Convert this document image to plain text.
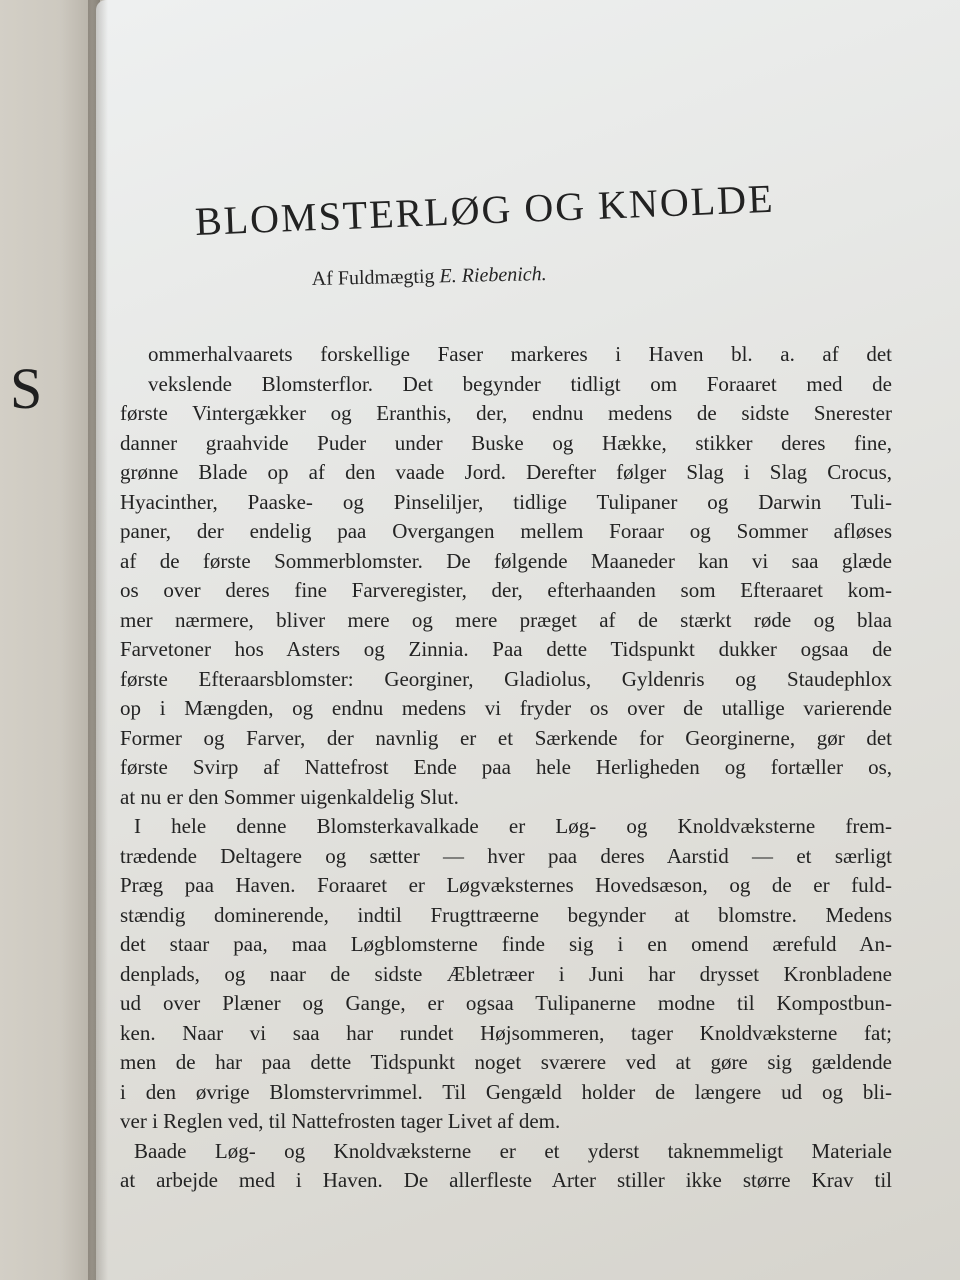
BLOMSTERLØG OG KNOLDE
Af Fuldmægtig E. Riebenich.
S
ommerhalvaarets forskellige Faser markeres i Haven bl. a. af det
vekslende Blomsterflor. Det begynder tidligt om Foraaret med de
første Vintergækker og Eranthis, der, endnu medens de sidste Snerester
danner graahvide Puder under Buske og Hække, stikker deres fine,
grønne Blade op af den vaade Jord. Derefter følger Slag i Slag Crocus,
Hyacinther, Paaske- og Pinseliljer, tidlige Tulipaner og Darwin Tuli-
paner, der endelig paa Overgangen mellem Foraar og Sommer afløses
af de første Sommerblomster. De følgende Maaneder kan vi saa glæde
os over deres fine Farveregister, der, efterhaanden som Efteraaret kom-
mer nærmere, bliver mere og mere præget af de stærkt røde og blaa
Farvetoner hos Asters og Zinnia. Paa dette Tidspunkt dukker ogsaa de
første Efteraarsblomster: Georginer, Gladiolus, Gyldenris og Staudephlox
op i Mængden, og endnu medens vi fryder os over de utallige varierende
Former og Farver, der navnlig er et Særkende for Georginerne, gør det
første Svirp af Nattefrost Ende paa hele Herligheden og fortæller os,
at nu er den Sommer uigenkaldelig Slut.
I hele denne Blomsterkavalkade er Løg- og Knoldvæksterne frem-
trædende Deltagere og sætter — hver paa deres Aarstid — et særligt
Præg paa Haven. Foraaret er Løgvæksternes Hovedsæson, og de er fuld-
stændig dominerende, indtil Frugttræerne begynder at blomstre. Medens
det staar paa, maa Løgblomsterne finde sig i en omend ærefuld An-
denplads, og naar de sidste Æbletræer i Juni har drysset Kronbladene
ud over Plæner og Gange, er ogsaa Tulipanerne modne til Kompostbun-
ken. Naar vi saa har rundet Højsommeren, tager Knoldvæksterne fat;
men de har paa dette Tidspunkt noget sværere ved at gøre sig gældende
i den øvrige Blomstervrimmel. Til Gengæld holder de længere ud og bli-
ver i Reglen ved, til Nattefrosten tager Livet af dem.
Baade Løg- og Knoldvæksterne er et yderst taknemmeligt Materiale
at arbejde med i Haven. De allerfleste Arter stiller ikke større Krav til
